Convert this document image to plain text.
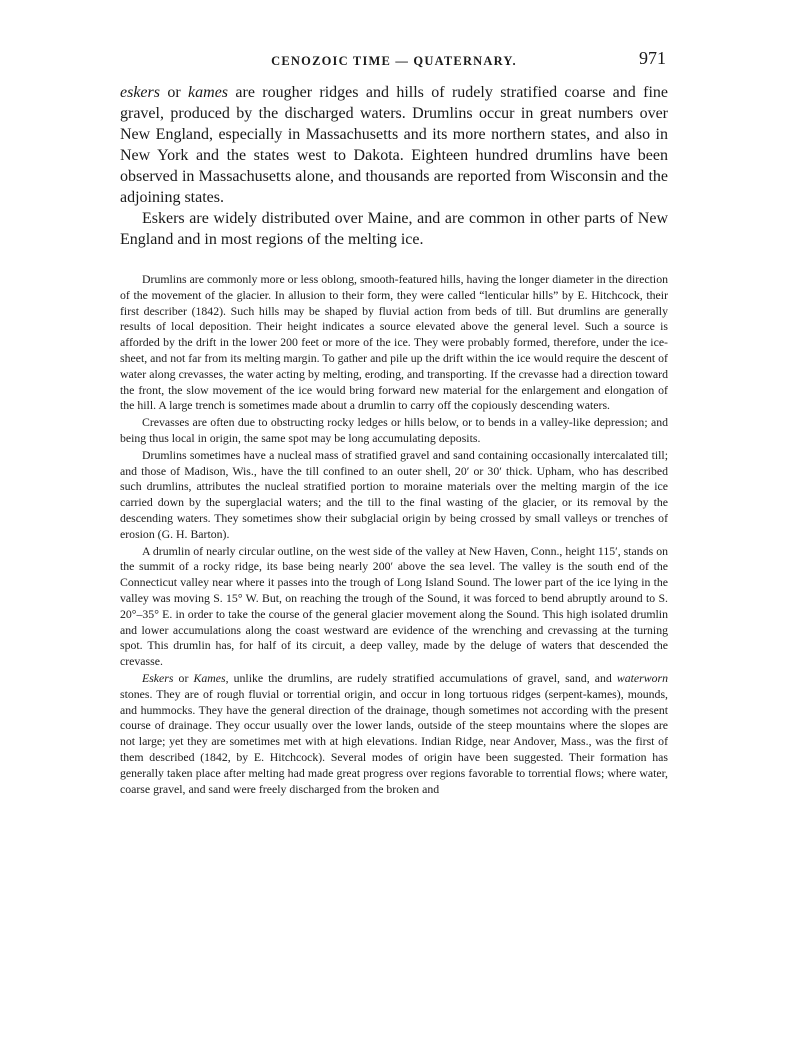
CENOZOIC TIME — QUATERNARY.	971

eskers or kames are rougher ridges and hills of rudely stratified coarse and fine gravel, produced by the discharged waters. Drumlins occur in great numbers over New England, especially in Massachusetts and its more northern states, and also in New York and the states west to Dakota. Eighteen hundred drumlins have been observed in Massachusetts alone, and thousands are reported from Wisconsin and the adjoining states.

Eskers are widely distributed over Maine, and are common in other parts of New England and in most regions of the melting ice.

Drumlins are commonly more or less oblong, smooth-featured hills, having the longer diameter in the direction of the movement of the glacier. In allusion to their form, they were called “lenticular hills” by E. Hitchcock, their first describer (1842). Such hills may be shaped by fluvial action from beds of till. But drumlins are generally results of local deposition. Their height indicates a source elevated above the general level. Such a source is afforded by the drift in the lower 200 feet or more of the ice. They were probably formed, therefore, under the ice-sheet, and not far from its melting margin. To gather and pile up the drift within the ice would require the descent of water along crevasses, the water acting by melting, eroding, and transporting. If the crevasse had a direction toward the front, the slow movement of the ice would bring forward new material for the enlargement and elongation of the hill. A large trench is sometimes made about a drumlin to carry off the copiously descending waters.

Crevasses are often due to obstructing rocky ledges or hills below, or to bends in a valley-like depression; and being thus local in origin, the same spot may be long accumulating deposits.

Drumlins sometimes have a nucleal mass of stratified gravel and sand containing occasionally intercalated till; and those of Madison, Wis., have the till confined to an outer shell, 20′ or 30′ thick. Upham, who has described such drumlins, attributes the nucleal stratified portion to moraine materials over the melting margin of the ice carried down by the superglacial waters; and the till to the final wasting of the glacier, or its removal by the descending waters. They sometimes show their subglacial origin by being crossed by small valleys or trenches of erosion (G. H. Barton).

A drumlin of nearly circular outline, on the west side of the valley at New Haven, Conn., height 115′, stands on the summit of a rocky ridge, its base being nearly 200′ above the sea level. The valley is the south end of the Connecticut valley near where it passes into the trough of Long Island Sound. The lower part of the ice lying in the valley was moving S. 15° W. But, on reaching the trough of the Sound, it was forced to bend abruptly around to S. 20°–35° E. in order to take the course of the general glacier movement along the Sound. This high isolated drumlin and lower accumulations along the coast westward are evidence of the wrenching and crevassing at the turning spot. This drumlin has, for half of its circuit, a deep valley, made by the deluge of waters that descended the crevasse.

Eskers or Kames, unlike the drumlins, are rudely stratified accumulations of gravel, sand, and waterworn stones. They are of rough fluvial or torrential origin, and occur in long tortuous ridges (serpent-kames), mounds, and hummocks. They have the general direction of the drainage, though sometimes not according with the present course of drainage. They occur usually over the lower lands, outside of the steep mountains where the slopes are not large; yet they are sometimes met with at high elevations. Indian Ridge, near Andover, Mass., was the first of them described (1842, by E. Hitchcock). Several modes of origin have been suggested. Their formation has generally taken place after melting had made great progress over regions favorable to torrential flows; where water, coarse gravel, and sand were freely discharged from the broken and
